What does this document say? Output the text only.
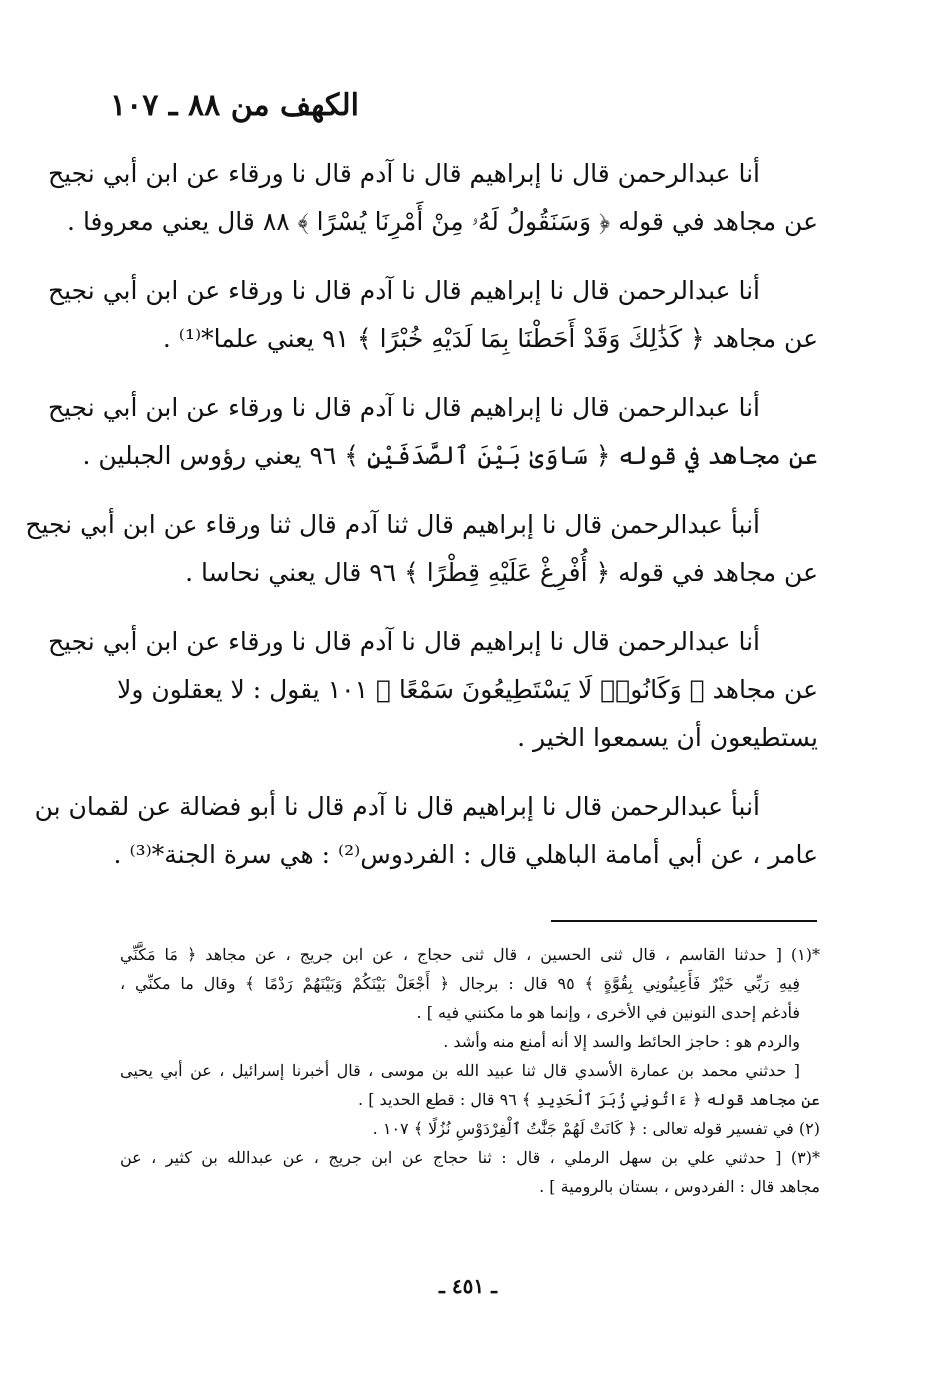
الكهف من ٨٨ ـ ١٠٧
أنا عبدالرحمن قال نا إبراهيم قال نا آدم قال نا ورقاء عن ابن أبي نجيح
عن مجاهد في قوله ﴿ وَسَنَقُولُ لَهُۥ مِنْ أَمْرِنَا يُسْرًا ﴾ ٨٨ قال يعني معروفا .
أنا عبدالرحمن قال نا إبراهيم قال نا آدم قال نا ورقاء عن ابن أبي نجيح
عن مجاهد ﴿ كَذَٰلِكَ وَقَدْ أَحَطْنَا بِمَا لَدَيْهِ خُبْرًا ﴾ ٩١ يعني علما*⁽¹⁾ .
أنا عبدالرحمن قال نا إبراهيم قال نا آدم قال نا ورقاء عن ابن أبي نجيح
عن مجاهد في قوله ﴿ سَاوَىٰ بَيْنَ ٱلصَّدَفَيْنِ ﴾ ٩٦ يعني رؤوس الجبلين .
أنبأ عبدالرحمن قال نا إبراهيم قال ثنا آدم قال ثنا ورقاء عن ابن أبي نجيح
عن مجاهد في قوله ﴿ أُفْرِغْ عَلَيْهِ قِطْرًا ﴾ ٩٦ قال يعني نحاسا .
أنا عبدالرحمن قال نا إبراهيم قال نا آدم قال نا ورقاء عن ابن أبي نجيح
عن مجاهد ﴿ وَكَانُوا۟ لَا يَسْتَطِيعُونَ سَمْعًا ﴾ ١٠١ يقول : لا يعقلون ولا
يستطيعون أن يسمعوا الخير .
أنبأ عبدالرحمن قال نا إبراهيم قال نا آدم قال نا أبو فضالة عن لقمان بن
عامر ، عن أبي أمامة الباهلي قال : الفردوس⁽²⁾ : هي سرة الجنة*⁽³⁾ .
*(١) [ حدثنا القاسم ، قال ثنى الحسين ، قال ثنى حجاج ، عن ابن جريج ، عن مجاهد ﴿ مَا مَكَّنِّي
فِيهِ رَبِّي خَيْرٌ فَأَعِينُونِي بِقُوَّةٍ ﴾ ٩٥ قال : برجال ﴿ أَجْعَلْ بَيْنَكُمْ وَبَيْنَهُمْ رَدْمًا ﴾ وقال ما مكنِّي ،
فأدغم إحدى النونين في الأخرى ، وإنما هو ما مكنني فيه ] .
والردم هو : حاجز الحائط والسد إلا أنه أمنع منه وأشد .
[ حدثني محمد بن عمارة الأسدي قال ثنا عبيد الله بن موسى ، قال أخبرنا إسرائيل ، عن أبي يحيى
عن مجاهد قوله ﴿ ءَاتُونِي زُبَرَ ٱلْحَدِيدِ ﴾ ٩٦ قال : قطع الحديد ] .
(٢) في تفسير قوله تعالى : ﴿ كَانَتْ لَهُمْ جَنَّٰتُ ٱلْفِرْدَوْسِ نُزُلًا ﴾ ١٠٧ .
*(٣) [ حدثني علي بن سهل الرملي ، قال : ثنا حجاج عن ابن جريج ، عن عبدالله بن كثير ، عن
مجاهد قال : الفردوس ، بستان بالرومية ] .
ـ ٤٥١ ـ
